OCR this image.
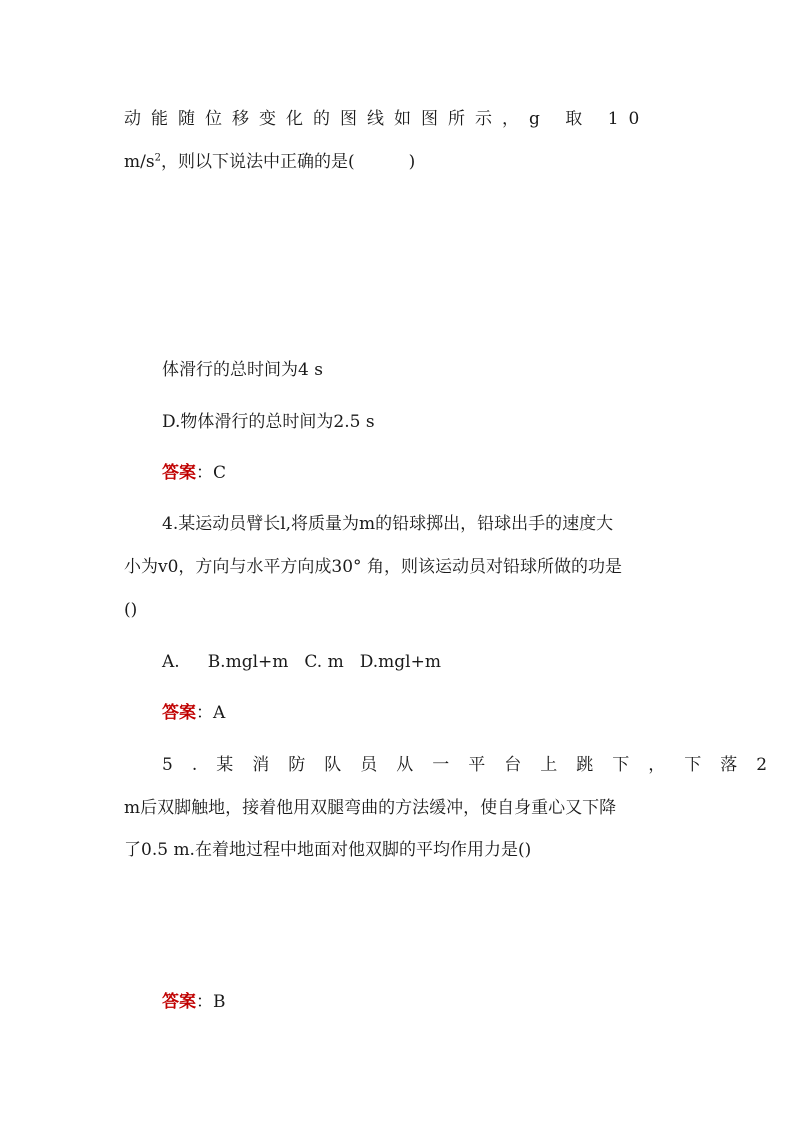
动能随位移变化的图线如图所示，g 取 10
$m/s^2$，则以下说法中正确的是(          )
体滑行的总时间为4 s
D.物体滑行的总时间为2.5 s
答案：C
4.某运动员臂长l,将质量为m的铅球掷出，铅球出手的速度大
小为v0，方向与水平方向成30° 角，则该运动员对铅球所做的功是
()
A. B.mgl+m C. m D.mgl+m
答案：A
5.某消防队员从一平台上跳下，下落2
m后双脚触地，接着他用双腿弯曲的方法缓冲，使自身重心又下降
了0.5 m.在着地过程中地面对他双脚的平均作用力是()
答案：B
